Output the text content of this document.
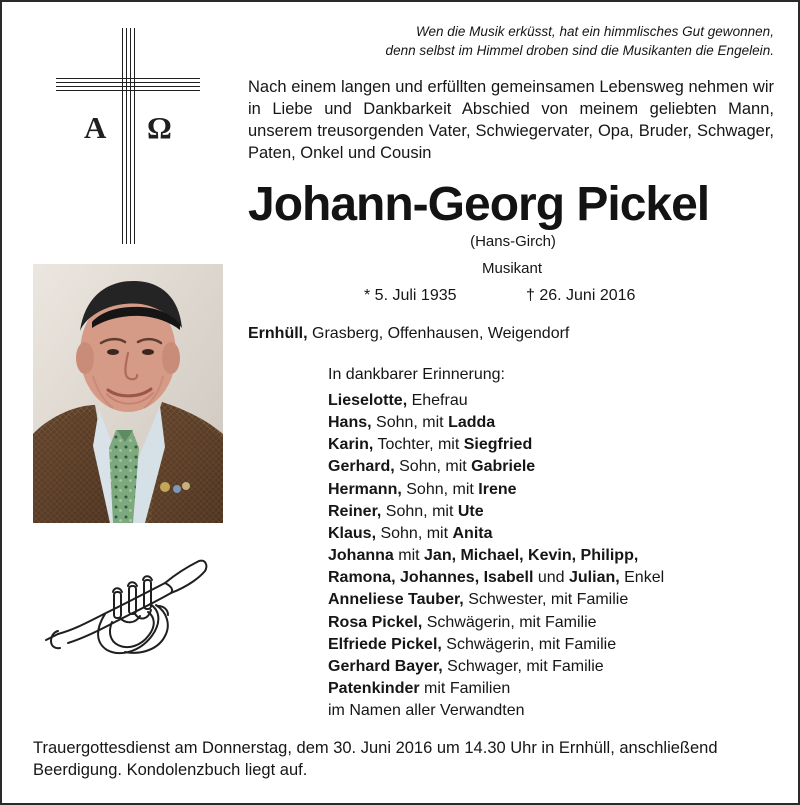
Wen die Musik erküsst, hat ein himmlisches Gut gewonnen,
denn selbst im Himmel droben sind die Musikanten die Engelein.
A Ω
Nach einem langen und erfüllten gemeinsamen Lebensweg nehmen wir in Liebe und Dankbarkeit Abschied von meinem geliebten Mann, unserem treusorgenden Vater, Schwiegervater, Opa, Bruder, Schwager, Paten, Onkel und Cousin
Johann-Georg Pickel
(Hans-Girch)
Musikant
* 5. Juli 1935	† 26. Juni 2016
Ernhüll, Grasberg, Offenhausen, Weigendorf
In dankbarer Erinnerung:
Lieselotte, Ehefrau
Hans, Sohn, mit Ladda
Karin, Tochter, mit Siegfried
Gerhard, Sohn, mit Gabriele
Hermann, Sohn, mit Irene
Reiner, Sohn, mit Ute
Klaus, Sohn, mit Anita
Johanna mit Jan, Michael, Kevin, Philipp,
Ramona, Johannes, Isabell und Julian, Enkel
Anneliese Tauber, Schwester, mit Familie
Rosa Pickel, Schwägerin, mit Familie
Elfriede Pickel, Schwägerin, mit Familie
Gerhard Bayer, Schwager, mit Familie
Patenkinder mit Familien
im Namen aller Verwandten
Trauergottesdienst am Donnerstag, dem 30. Juni 2016 um 14.30 Uhr in Ernhüll, anschließend Beerdigung. Kondolenzbuch liegt auf.
